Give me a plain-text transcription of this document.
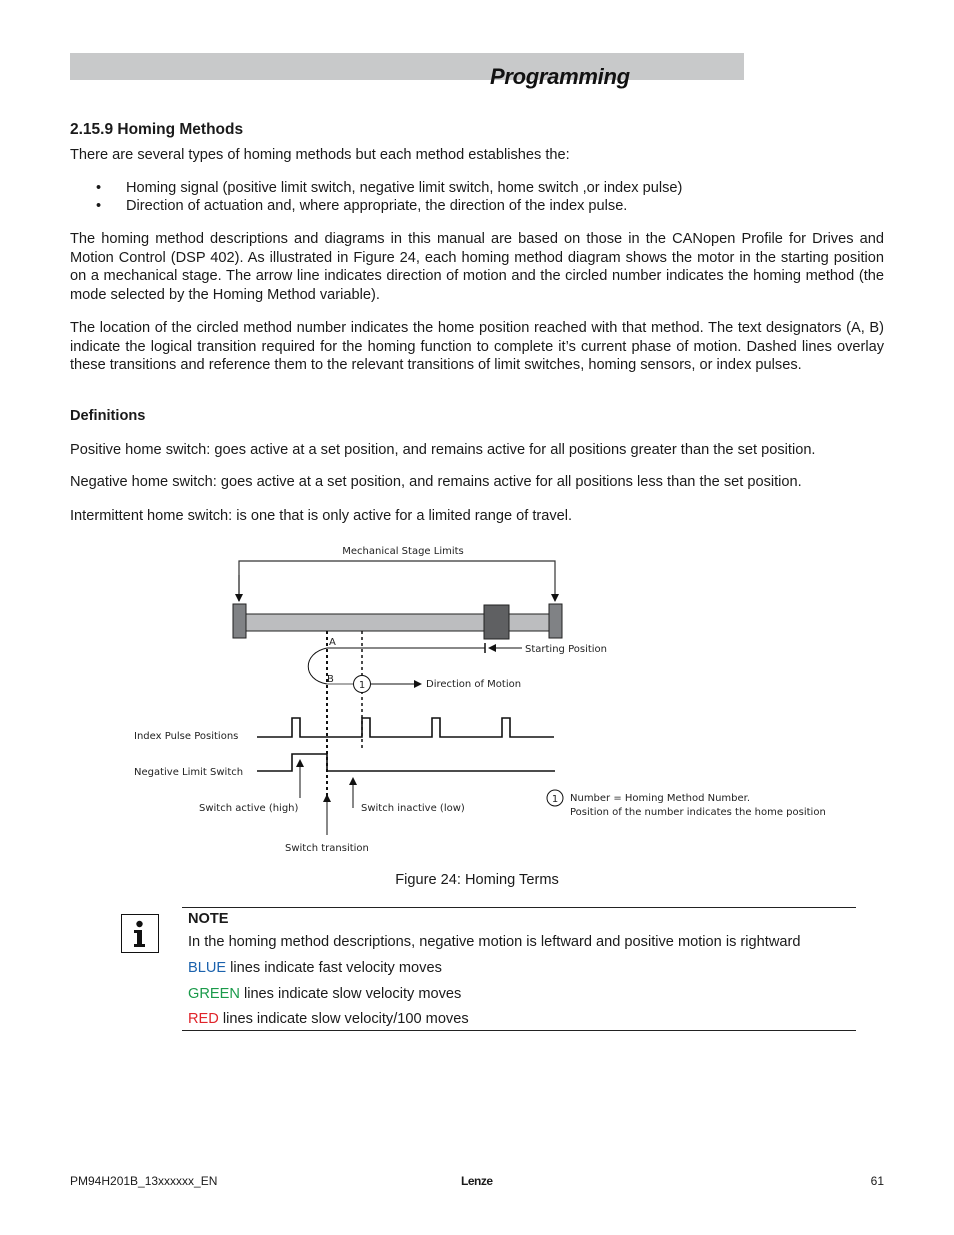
Programming
2.15.9 Homing Methods
There are several types of homing methods but each method establishes the:
• Homing signal (positive limit switch, negative limit switch, home switch ,or index pulse)
• Direction of actuation and, where appropriate, the direction of the index pulse.
The homing method descriptions and diagrams in this manual are based on those in the CANopen Profile for Drives and Motion Control (DSP 402). As illustrated in Figure 24, each homing method diagram shows the motor in the starting position on a mechanical stage. The arrow line indicates direction of motion and the circled number indicates the homing method (the mode selected by the Homing Method variable).
The location of the circled method number indicates the home position reached with that method. The text designators (A, B) indicate the logical transition required for the homing function to complete it’s current phase of motion. Dashed lines overlay these transitions and reference them to the relevant transitions of limit switches, homing sensors, or index pulses.
Definitions
Positive home switch: goes active at a set position, and remains active for all positions greater than the set position.
Negative home switch: goes active at a set position, and remains active for all positions less than the set position.
Intermittent home switch: is one that is only active for a limited range of travel.
Mechanical Stage Limits
Starting Position
A
B
1	Direction of Motion
Index Pulse Positions
Negative Limit Switch
Switch active (high)	Switch inactive (low)
Switch transition
1 Number = Homing Method Number.
Position of the number indicates the home position
Figure 24: Homing Terms
NOTE
In the homing method descriptions, negative motion is leftward and positive motion is rightward
BLUE lines indicate fast velocity moves
GREEN lines indicate slow velocity moves
RED lines indicate slow velocity/100 moves
PM94H201B_13xxxxxx_EN	Lenze	61
